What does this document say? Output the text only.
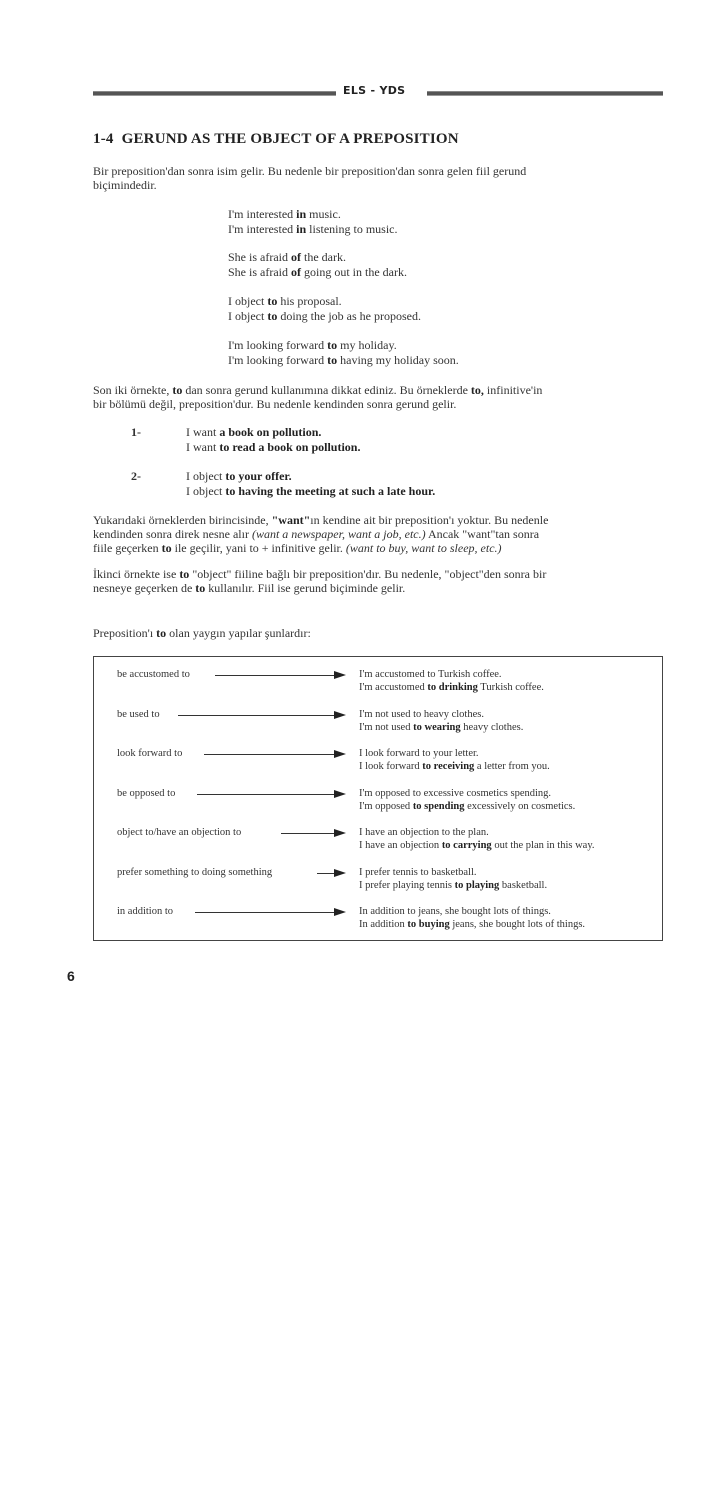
ELS - YDS
1-4 GERUND AS THE OBJECT OF A PREPOSITION
Bir preposition'dan sonra isim gelir. Bu nedenle bir preposition'dan sonra gelen fiil gerund
biçimindedir.
I'm interested in music.
I'm interested in listening to music.
She is afraid of the dark.
She is afraid of going out in the dark.
I object to his proposal.
I object to doing the job as he proposed.
I'm looking forward to my holiday.
I'm looking forward to having my holiday soon.
Son iki örnekte, to dan sonra gerund kullanımına dikkat ediniz. Bu örneklerde to, infinitive'in
bir bölümü değil, preposition'dur. Bu nedenle kendinden sonra gerund gelir.
1-	I want a book on pollution.
I want to read a book on pollution.
2-	I object to your offer.
I object to having the meeting at such a late hour.
Yukarıdaki örneklerden birincisinde, "want"ın kendine ait bir preposition'ı yoktur. Bu nedenle
kendinden sonra direk nesne alır (want a newspaper, want a job, etc.) Ancak "want"tan sonra
fiile geçerken to ile geçilir, yani to + infinitive gelir. (want to buy, want to sleep, etc.)
İkinci örnekte ise to "object" fiiline bağlı bir preposition'dır. Bu nedenle, "object"den sonra bir
nesneye geçerken de to kullanılır. Fiil ise gerund biçiminde gelir.
Preposition'ı to olan yaygın yapılar şunlardır:
be accustomed to	I'm accustomed to Turkish coffee.
I'm accustomed to drinking Turkish coffee.
be used to	I'm not used to heavy clothes.
I'm not used to wearing heavy clothes.
look forward to	I look forward to your letter.
I look forward to receiving a letter from you.
be opposed to	I'm opposed to excessive cosmetics spending.
I'm opposed to spending excessively on cosmetics.
object to/have an objection to	I have an objection to the plan.
I have an objection to carrying out the plan in this way.
prefer something to doing something	I prefer tennis to basketball.
I prefer playing tennis to playing basketball.
in addition to	In addition to jeans, she bought lots of things.
In addition to buying jeans, she bought lots of things.
6
